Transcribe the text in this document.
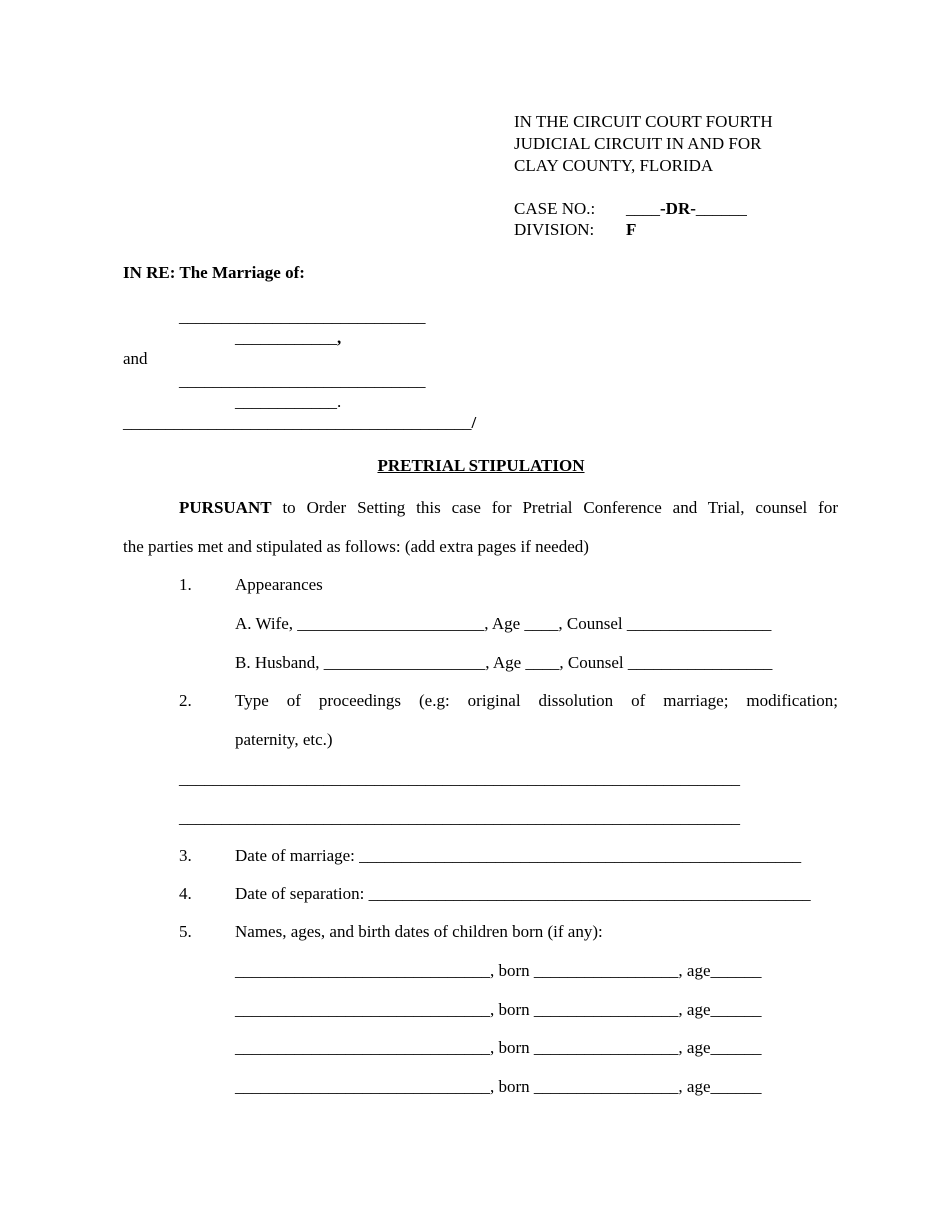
IN THE CIRCUIT COURT FOURTH
JUDICIAL CIRCUIT IN AND FOR
CLAY COUNTY, FLORIDA
CASE NO.: ____-DR-______
DIVISION: F
IN RE: The Marriage of:
_____________________________
____________,
and
_____________________________
____________.
_________________________________________/
PRETRIAL STIPULATION
PURSUANT to Order Setting this case for Pretrial Conference and Trial, counsel for
the parties met and stipulated as follows: (add extra pages if needed)
1.	Appearances
A. Wife, ______________________, Age ____, Counsel _________________
B. Husband, ___________________, Age ____, Counsel _________________
2.	Type of proceedings (e.g: original dissolution of marriage; modification;
paternity, etc.)
__________________________________________________________________
__________________________________________________________________
3.	Date of marriage: ____________________________________________________
4.	Date of separation: ____________________________________________________
5.	Names, ages, and birth dates of children born (if any):
______________________________, born _________________, age______
______________________________, born _________________, age______
______________________________, born _________________, age______
______________________________, born _________________, age______
